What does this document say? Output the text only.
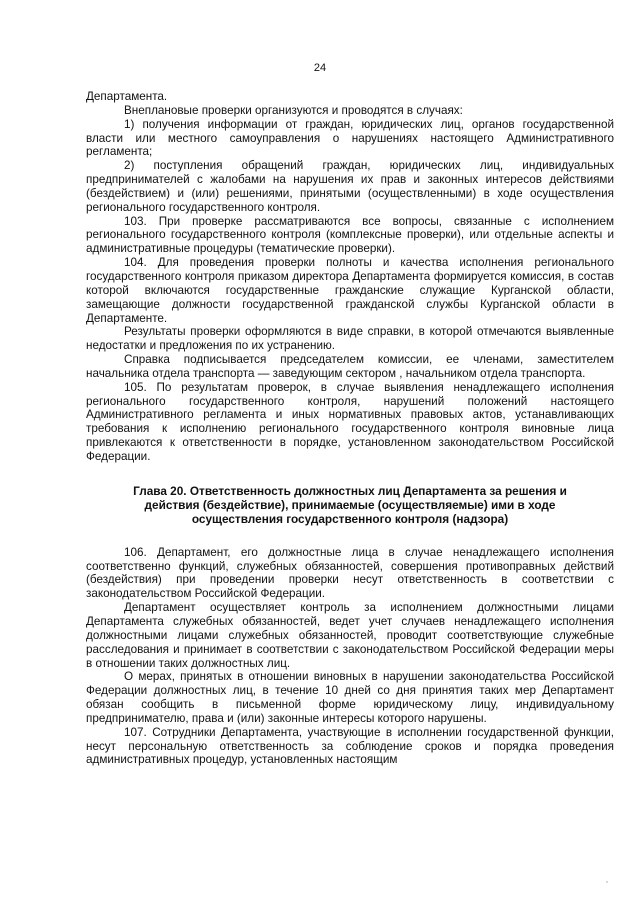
24

Департамента.

Внеплановые проверки организуются и проводятся в случаях:

1) получения информации от граждан, юридических лиц, органов государственной власти или местного самоуправления о нарушениях настоящего Административного регламента;

2) поступления обращений граждан, юридических лиц, индивидуальных предпринимателей с жалобами на нарушения их прав и законных интересов действиями (бездействием) и (или) решениями, принятыми (осуществленными) в ходе осуществления регионального государственного контроля.

103. При проверке рассматриваются все вопросы, связанные с исполнением регионального государственного контроля (комплексные проверки), или отдельные аспекты и административные процедуры (тематические проверки).

104. Для проведения проверки полноты и качества исполнения регионального государственного контроля приказом директора Департамента формируется комиссия, в состав которой включаются государственные гражданские служащие Курганской области, замещающие должности государственной гражданской службы Курганской области в Департаменте.

Результаты проверки оформляются в виде справки, в которой отмечаются выявленные недостатки и предложения по их устранению.

Справка подписывается председателем комиссии, ее членами, заместителем начальника отдела транспорта — заведующим сектором , начальником отдела транспорта.

105. По результатам проверок, в случае выявления ненадлежащего исполнения регионального государственного контроля, нарушений положений настоящего Административного регламента и иных нормативных правовых актов, устанавливающих требования к исполнению регионального государственного контроля виновные лица привлекаются к ответственности в порядке, установленном законодательством Российской Федерации.

Глава 20. Ответственность должностных лиц Департамента за решения и
действия (бездействие), принимаемые (осуществляемые) ими в ходе
осуществления государственного контроля (надзора)

106. Департамент, его должностные лица в случае ненадлежащего исполнения соответственно функций, служебных обязанностей, совершения противоправных действий (бездействия) при проведении проверки несут ответственность в соответствии с законодательством Российской Федерации.

Департамент осуществляет контроль за исполнением должностными лицами Департамента служебных обязанностей, ведет учет случаев ненадлежащего исполнения должностными лицами служебных обязанностей, проводит соответствующие служебные расследования и принимает в соответствии с законодательством Российской Федерации меры в отношении таких должностных лиц.

О мерах, принятых в отношении виновных в нарушении законодательства Российской Федерации должностных лиц, в течение 10 дней со дня принятия таких мер Департамент обязан сообщить в письменной форме юридическому лицу, индивидуальному предпринимателю, права и (или) законные интересы которого нарушены.

107. Сотрудники Департамента, участвующие в исполнении государственной функции, несут персональную ответственность за соблюдение сроков и порядка проведения административных процедур, установленных настоящим
